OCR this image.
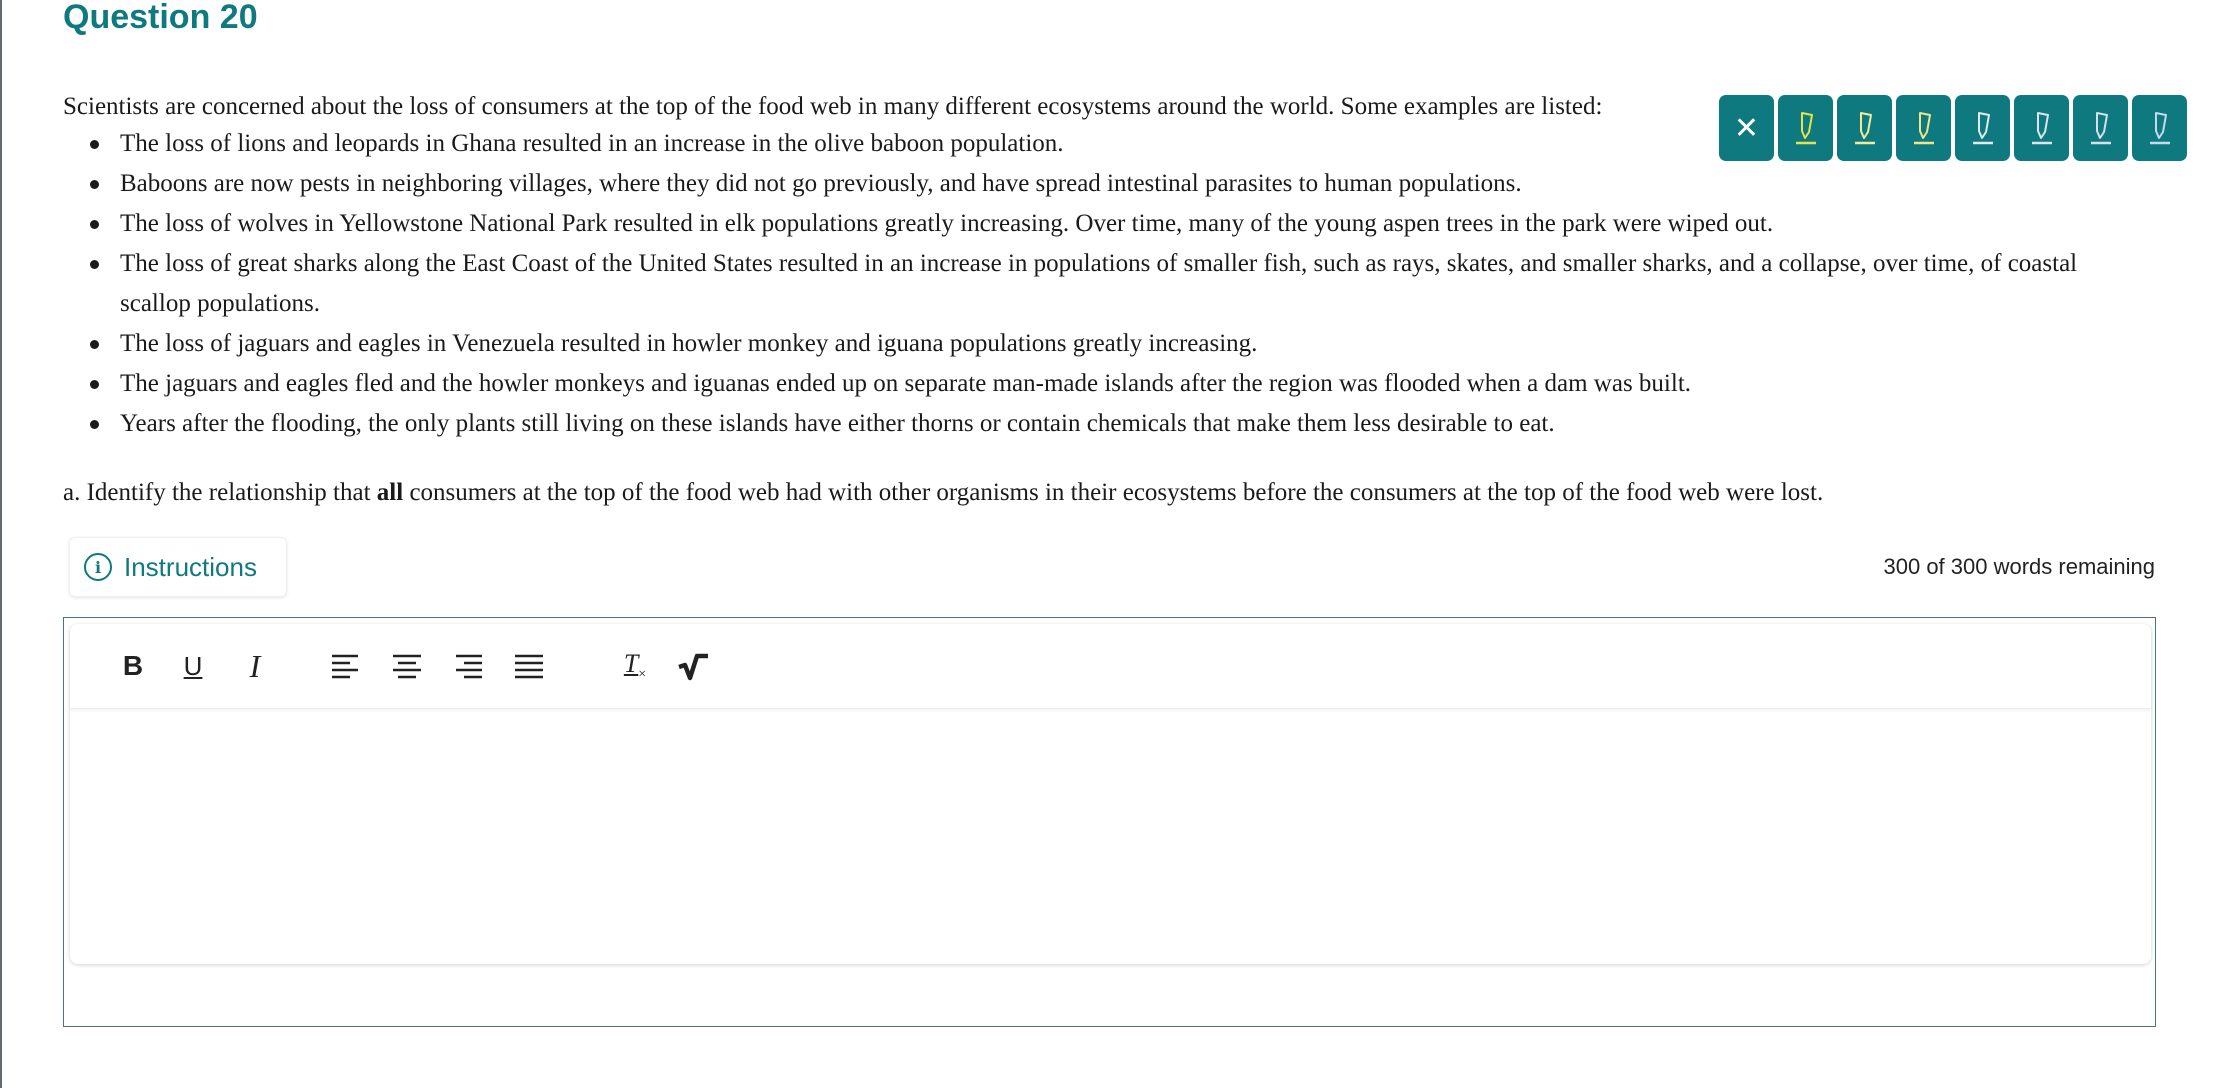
Question 20

Scientists are concerned about the loss of consumers at the top of the food web in many different ecosystems around the world. Some examples are listed:

The loss of lions and leopards in Ghana resulted in an increase in the olive baboon population.
Baboons are now pests in neighboring villages, where they did not go previously, and have spread intestinal parasites to human populations.
The loss of wolves in Yellowstone National Park resulted in elk populations greatly increasing. Over time, many of the young aspen trees in the park were wiped out.
The loss of great sharks along the East Coast of the United States resulted in an increase in populations of smaller fish, such as rays, skates, and smaller sharks, and a collapse, over time, of coastal scallop populations.
The loss of jaguars and eagles in Venezuela resulted in howler monkey and iguana populations greatly increasing.
The jaguars and eagles fled and the howler monkeys and iguanas ended up on separate man-made islands after the region was flooded when a dam was built.
Years after the flooding, the only plants still living on these islands have either thorns or contain chemicals that make them less desirable to eat.

a. Identify the relationship that all consumers at the top of the food web had with other organisms in their ecosystems before the consumers at the top of the food web were lost.

i Instructions	300 of 300 words remaining
B U I	$T_\times$
✕
